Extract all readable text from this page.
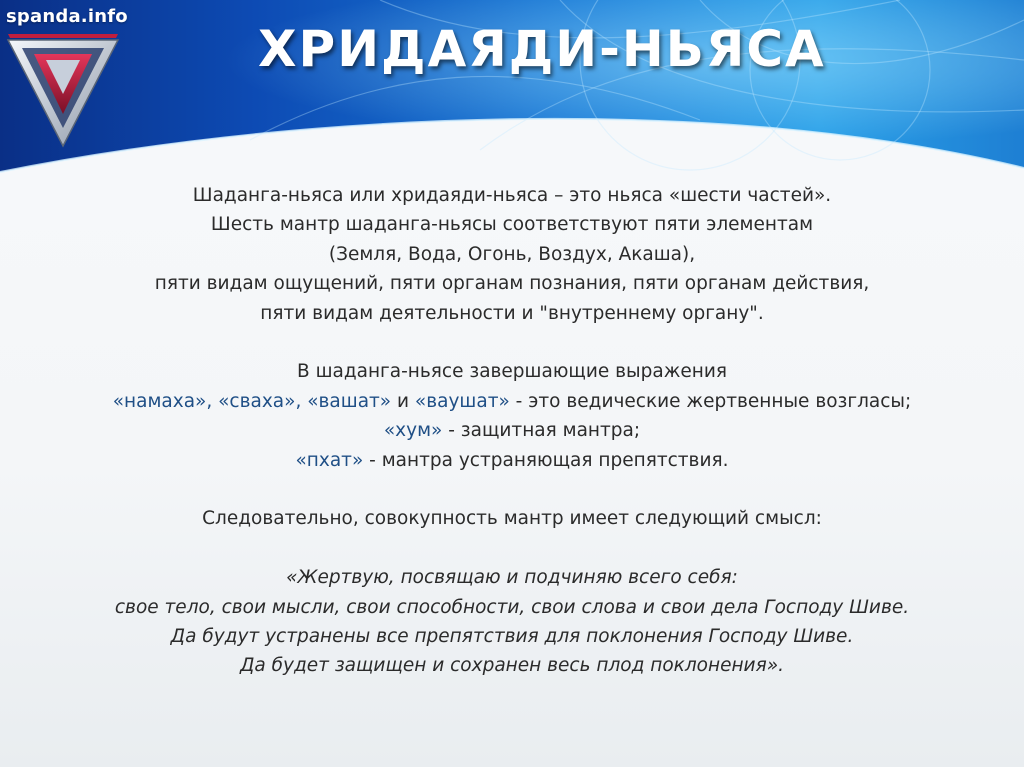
spanda.info
ХРИДАЯДИ-НЬЯСА

Шаданга-ньяса или хридаяди-ньяса – это ньяса «шести частей».

Шесть мантр шаданга-ньясы соответствуют пяти элементам

(Земля, Вода, Огонь, Воздух, Акаша),

пяти видам ощущений, пяти органам познания, пяти органам действия,

пяти видам деятельности и "внутреннему органу".

В шаданга-ньясе завершающие выражения

«намаха», «сваха», «вашат» и «ваушат» - это ведические жертвенные возгласы;

«хум» - защитная мантра;

«пхат» - мантра устраняющая препятствия.

Следовательно, совокупность мантр имеет следующий смысл:

«Жертвую, посвящаю и подчиняю всего себя:

свое тело, свои мысли, свои способности, свои слова и свои дела Господу Шиве.

Да будут устранены все препятствия для поклонения Господу Шиве.

Да будет защищен и сохранен весь плод поклонения».
